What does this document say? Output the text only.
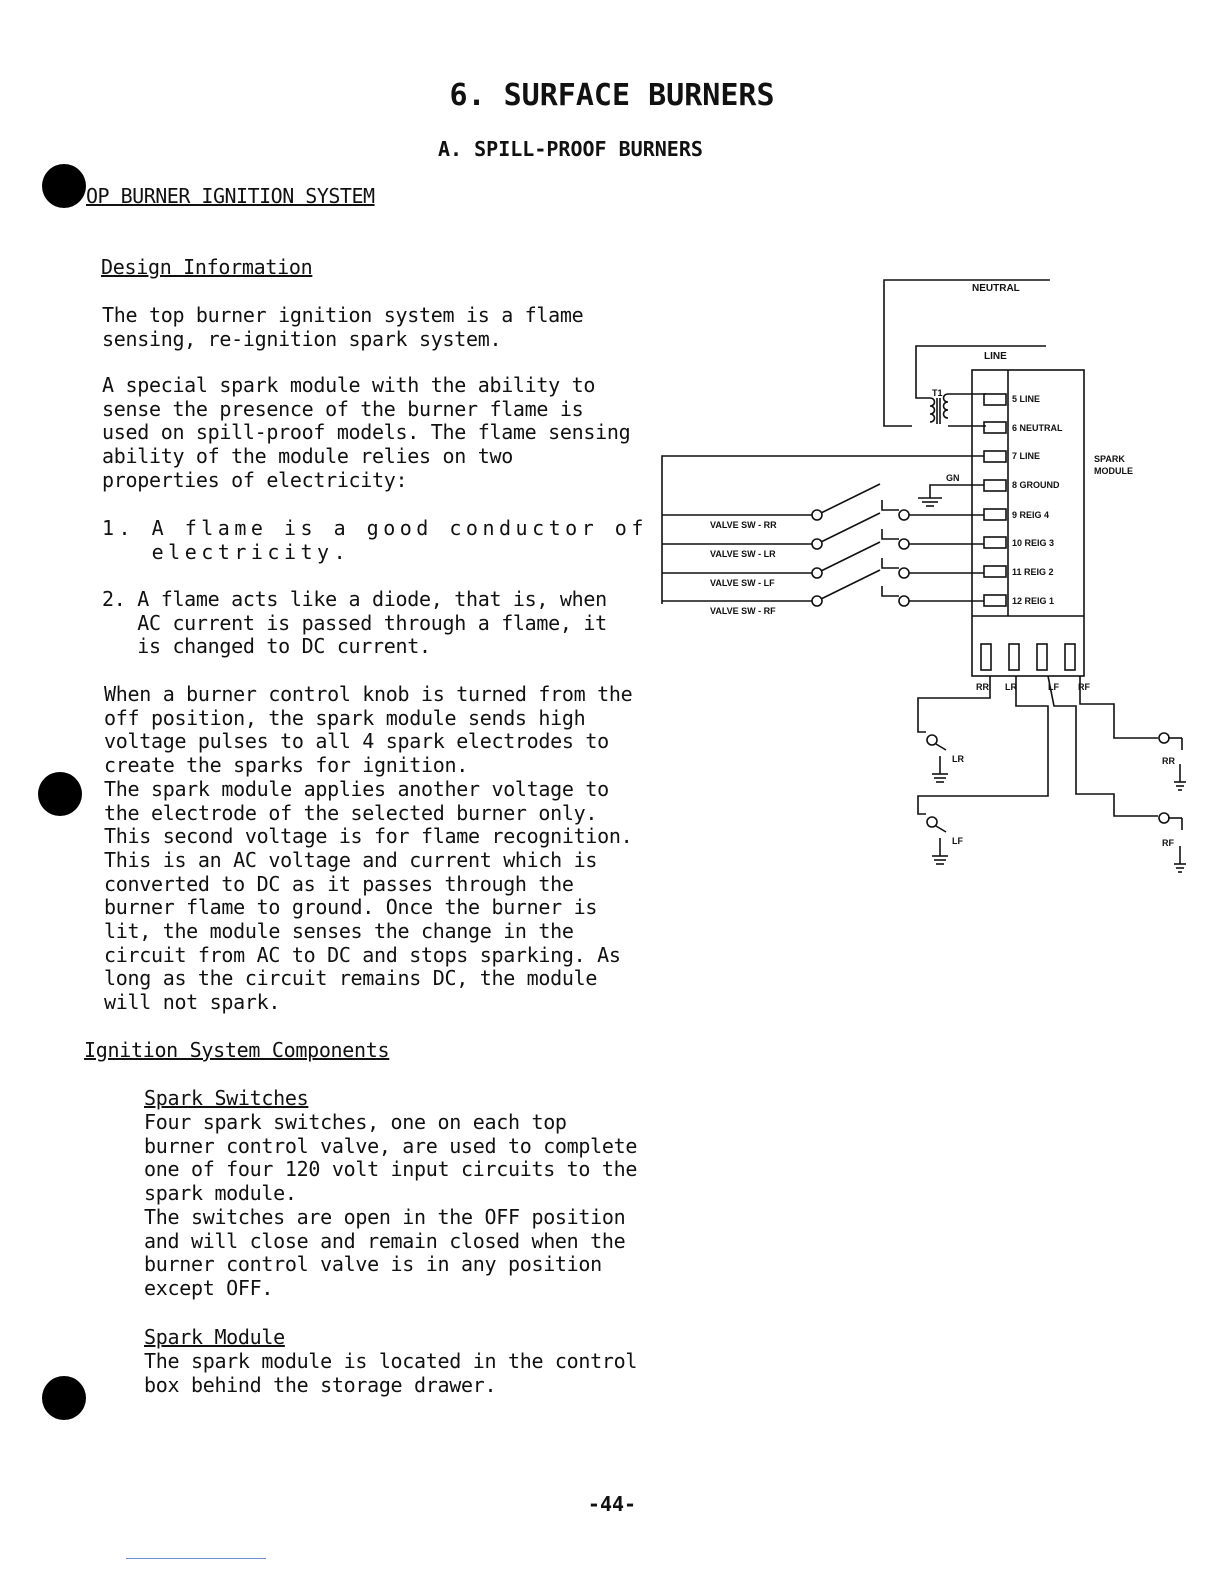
6. SURFACE BURNERS
A. SPILL-PROOF BURNERS
OP BURNER IGNITION SYSTEM
Design Information
The top burner ignition system is a flame
sensing, re-ignition spark system.
A special spark module with the ability to
sense the presence of the burner flame is
used on spill-proof models. The flame sensing
ability of the module relies on two
properties of electricity:
1. A flame is a good conductor of
electricity.
2. A flame acts like a diode, that is, when
AC current is passed through a flame, it
is changed to DC current.
When a burner control knob is turned from the
off position, the spark module sends high
voltage pulses to all 4 spark electrodes to
create the sparks for ignition.
The spark module applies another voltage to
the electrode of the selected burner only.
This second voltage is for flame recognition.
This is an AC voltage and current which is
converted to DC as it passes through the
burner flame to ground. Once the burner is
lit, the module senses the change in the
circuit from AC to DC and stops sparking. As
long as the circuit remains DC, the module
will not spark.
Ignition System Components
Spark Switches
Four spark switches, one on each top
burner control valve, are used to complete
one of four 120 volt input circuits to the
spark module.
The switches are open in the OFF position
and will close and remain closed when the
burner control valve is in any position
except OFF.
Spark Module
The spark module is located in the control
box behind the storage drawer.
-44-
NEUTRAL
LINE
T1
SPARK
MODULE
5 LINE
6 NEUTRAL
7 LINE
8 GROUND
9 REIG 4
10 REIG 3
11 REIG 2
12 REIG 1
GN
VALVE SW - RR
VALVE SW - LR
VALVE SW - LF
VALVE SW - RF
RR LR	LF RF
LR	RR
LF	RF
